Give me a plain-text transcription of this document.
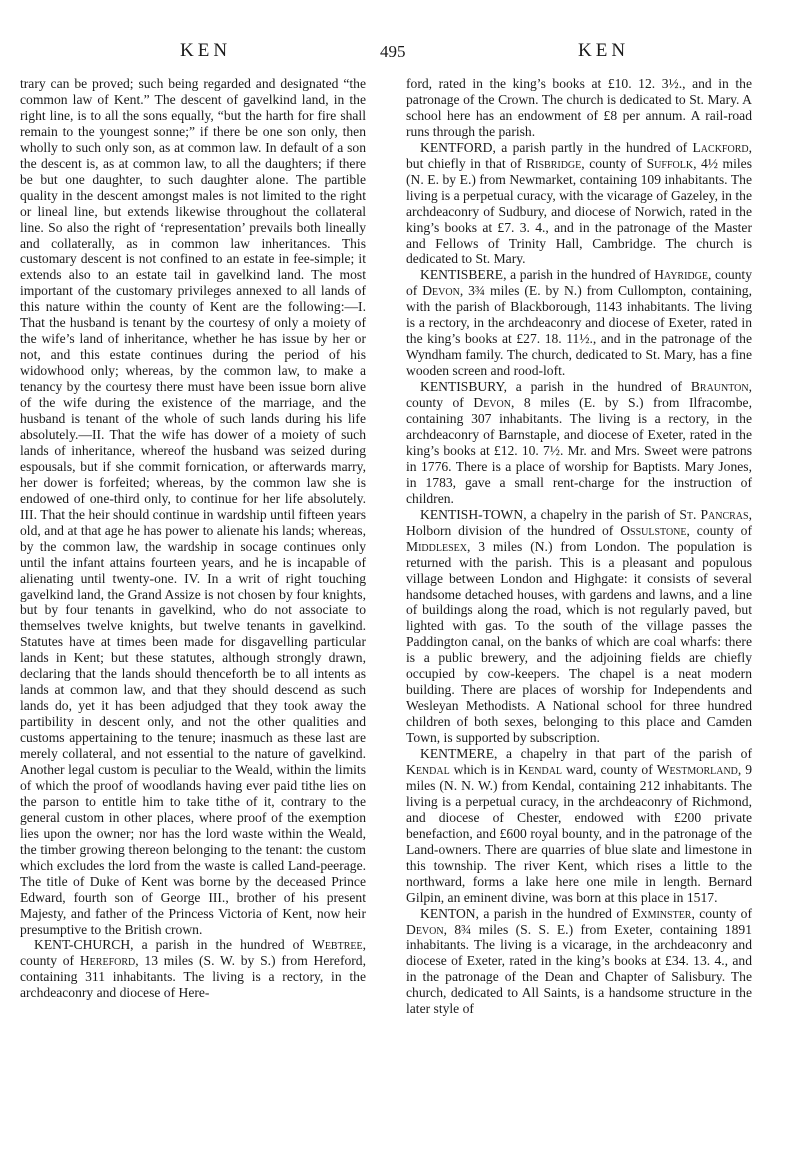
KEN	495	KEN

trary can be proved; such being regarded and designated “the common law of Kent.” The descent of gavelkind land, in the right line, is to all the sons equally, “but the harth for fire shall remain to the youngest sonne;” if there be one son only, then wholly to such only son, as at common law. In default of a son the descent is, as at common law, to all the daughters; if there be but one daughter, to such daughter alone. The partible quality in the descent amongst males is not limited to the right or lineal line, but extends likewise throughout the collateral line. So also the right of ‘representation’ prevails both lineally and collaterally, as in common law inheritances. This customary descent is not confined to an estate in fee-simple; it extends also to an estate tail in gavelkind land. The most important of the customary privileges annexed to all lands of this nature within the county of Kent are the following:—I. That the husband is tenant by the courtesy of only a moiety of the wife’s land of inheritance, whether he has issue by her or not, and this estate continues during the period of his widowhood only; whereas, by the common law, to make a tenancy by the courtesy there must have been issue born alive of the wife during the existence of the marriage, and the husband is tenant of the whole of such lands during his life absolutely.—II. That the wife has dower of a moiety of such lands of inheritance, whereof the husband was seized during espousals, but if she commit fornication, or afterwards marry, her dower is forfeited; whereas, by the common law she is endowed of one-third only, to continue for her life absolutely. III. That the heir should continue in wardship until fifteen years old, and at that age he has power to alienate his lands; whereas, by the common law, the wardship in socage continues only until the infant attains fourteen years, and he is incapable of alienating until twenty-one. IV. In a writ of right touching gavelkind land, the Grand Assize is not chosen by four knights, but by four tenants in gavelkind, who do not associate to themselves twelve knights, but twelve tenants in gavelkind. Statutes have at times been made for disgavelling particular lands in Kent; but these statutes, although strongly drawn, declaring that the lands should thenceforth be to all intents as lands at common law, and that they should descend as such lands do, yet it has been adjudged that they took away the partibility in descent only, and not the other qualities and customs appertaining to the tenure; inasmuch as these last are merely collateral, and not essential to the nature of gavelkind. Another legal custom is peculiar to the Weald, within the limits of which the proof of woodlands having ever paid tithe lies on the parson to entitle him to take tithe of it, contrary to the general custom in other places, where proof of the exemption lies upon the owner; nor has the lord waste within the Weald, the timber growing thereon belonging to the tenant: the custom which excludes the lord from the waste is called Land-peerage. The title of Duke of Kent was borne by the deceased Prince Edward, fourth son of George III., brother of his present Majesty, and father of the Princess Victoria of Kent, now heir presumptive to the British crown.

KENT-CHURCH, a parish in the hundred of Webtree, county of Hereford, 13 miles (S. W. by S.) from Hereford, containing 311 inhabitants. The living is a rectory, in the archdeaconry and diocese of Here-

ford, rated in the king’s books at £10. 12. 3½., and in the patronage of the Crown. The church is dedicated to St. Mary. A school here has an endowment of £8 per annum. A rail-road runs through the parish.

KENTFORD, a parish partly in the hundred of Lackford, but chiefly in that of Risbridge, county of Suffolk, 4½ miles (N. E. by E.) from Newmarket, containing 109 inhabitants. The living is a perpetual curacy, with the vicarage of Gazeley, in the archdeaconry of Sudbury, and diocese of Norwich, rated in the king’s books at £7. 3. 4., and in the patronage of the Master and Fellows of Trinity Hall, Cambridge. The church is dedicated to St. Mary.

KENTISBERE, a parish in the hundred of Hayridge, county of Devon, 3¾ miles (E. by N.) from Cullompton, containing, with the parish of Blackborough, 1143 inhabitants. The living is a rectory, in the archdeaconry and diocese of Exeter, rated in the king’s books at £27. 18. 11½., and in the patronage of the Wyndham family. The church, dedicated to St. Mary, has a fine wooden screen and rood-loft.

KENTISBURY, a parish in the hundred of Braunton, county of Devon, 8 miles (E. by S.) from Ilfracombe, containing 307 inhabitants. The living is a rectory, in the archdeaconry of Barnstaple, and diocese of Exeter, rated in the king’s books at £12. 10. 7½. Mr. and Mrs. Sweet were patrons in 1776. There is a place of worship for Baptists. Mary Jones, in 1783, gave a small rent-charge for the instruction of children.

KENTISH-TOWN, a chapelry in the parish of St. Pancras, Holborn division of the hundred of Ossulstone, county of Middlesex, 3 miles (N.) from London. The population is returned with the parish. This is a pleasant and populous village between London and Highgate: it consists of several handsome detached houses, with gardens and lawns, and a line of buildings along the road, which is not regularly paved, but lighted with gas. To the south of the village passes the Paddington canal, on the banks of which are coal wharfs: there is a public brewery, and the adjoining fields are chiefly occupied by cow-keepers. The chapel is a neat modern building. There are places of worship for Independents and Wesleyan Methodists. A National school for three hundred children of both sexes, belonging to this place and Camden Town, is supported by subscription.

KENTMERE, a chapelry in that part of the parish of Kendal which is in Kendal ward, county of Westmorland, 9 miles (N. N. W.) from Kendal, containing 212 inhabitants. The living is a perpetual curacy, in the archdeaconry of Richmond, and diocese of Chester, endowed with £200 private benefaction, and £600 royal bounty, and in the patronage of the Land-owners. There are quarries of blue slate and limestone in this township. The river Kent, which rises a little to the northward, forms a lake here one mile in length. Bernard Gilpin, an eminent divine, was born at this place in 1517.

KENTON, a parish in the hundred of Exminster, county of Devon, 8¾ miles (S. S. E.) from Exeter, containing 1891 inhabitants. The living is a vicarage, in the archdeaconry and diocese of Exeter, rated in the king’s books at £34. 13. 4., and in the patronage of the Dean and Chapter of Salisbury. The church, dedicated to All Saints, is a handsome structure in the later style of
